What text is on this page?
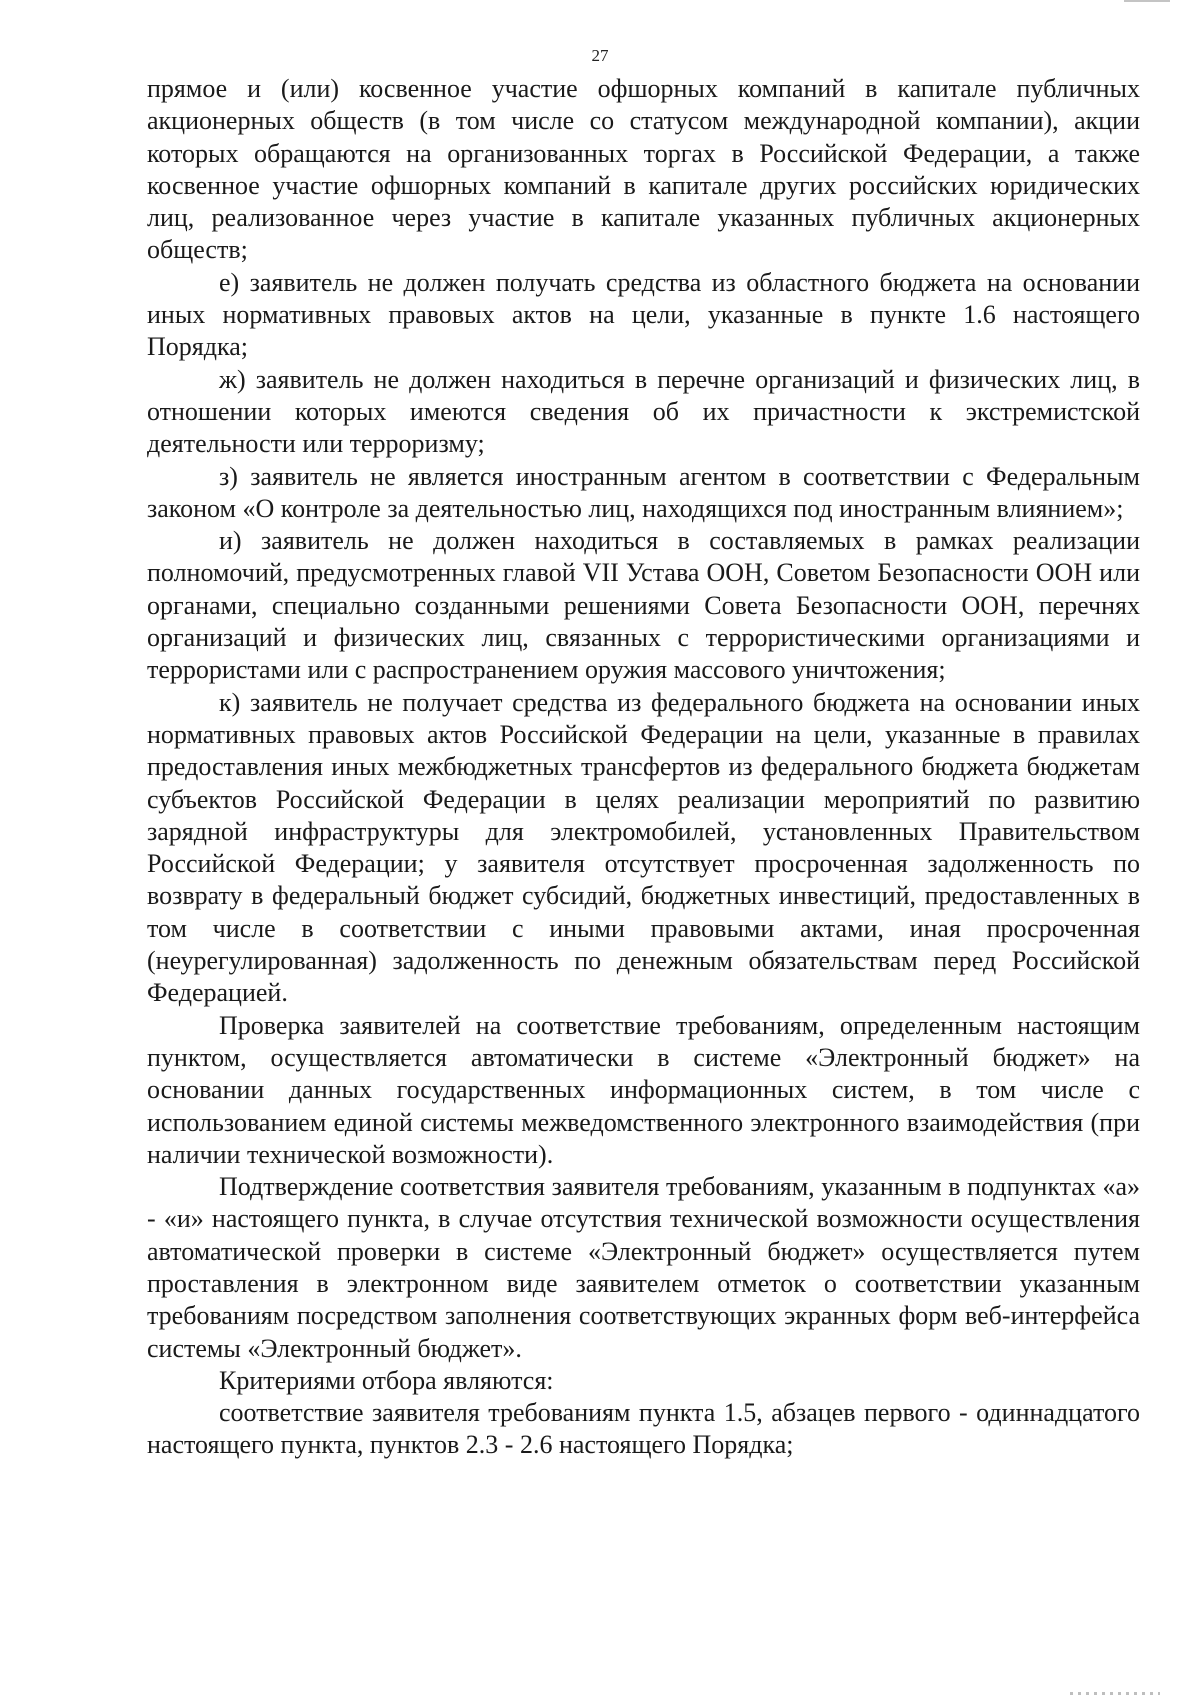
27

прямое и (или) косвенное участие офшорных компаний в капитале публичных акционерных обществ (в том числе со статусом международной компании), акции которых обращаются на организованных торгах в Российской Федерации, а также косвенное участие офшорных компаний в капитале других российских юридических лиц, реализованное через участие в капитале указанных публичных акционерных обществ;

е) заявитель не должен получать средства из областного бюджета на основании иных нормативных правовых актов на цели, указанные в пункте 1.6 настоящего Порядка;

ж) заявитель не должен находиться в перечне организаций и физических лиц, в отношении которых имеются сведения об их причастности к экстремистской деятельности или терроризму;

з) заявитель не является иностранным агентом в соответствии с Федеральным законом «О контроле за деятельностью лиц, находящихся под иностранным влиянием»;

и) заявитель не должен находиться в составляемых в рамках реализации полномочий, предусмотренных главой VII Устава ООН, Советом Безопасности ООН или органами, специально созданными решениями Совета Безопасности ООН, перечнях организаций и физических лиц, связанных с террористическими организациями и террористами или с распространением оружия массового уничтожения;

к) заявитель не получает средства из федерального бюджета на основании иных нормативных правовых актов Российской Федерации на цели, указанные в правилах предоставления иных межбюджетных трансфертов из федерального бюджета бюджетам субъектов Российской Федерации в целях реализации мероприятий по развитию зарядной инфраструктуры для электромобилей, установленных Правительством Российской Федерации; у заявителя отсутствует просроченная задолженность по возврату в федеральный бюджет субсидий, бюджетных инвестиций, предоставленных в том числе в соответствии с иными правовыми актами, иная просроченная (неурегулированная) задолженность по денежным обязательствам перед Российской Федерацией.

Проверка заявителей на соответствие требованиям, определенным настоящим пунктом, осуществляется автоматически в системе «Электронный бюджет» на основании данных государственных информационных систем, в том числе с использованием единой системы межведомственного электронного взаимодействия (при наличии технической возможности).

Подтверждение соответствия заявителя требованиям, указанным в подпунктах «а» - «и» настоящего пункта, в случае отсутствия технической возможности осуществления автоматической проверки в системе «Электронный бюджет» осуществляется путем проставления в электронном виде заявителем отметок о соответствии указанным требованиям посредством заполнения соответствующих экранных форм веб-интерфейса системы «Электронный бюджет».

Критериями отбора являются:

соответствие заявителя требованиям пункта 1.5, абзацев первого - одиннадцатого настоящего пункта, пунктов 2.3 - 2.6 настоящего Порядка;
